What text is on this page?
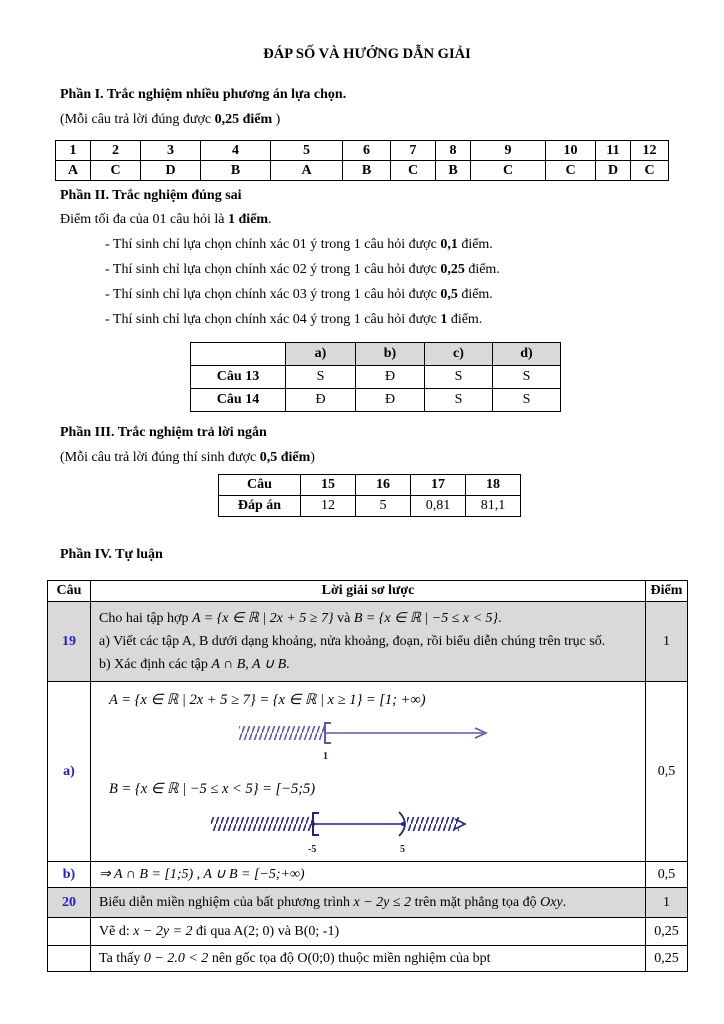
ĐÁP SỐ VÀ HƯỚNG DẪN GIẢI
Phần I. Trắc nghiệm nhiều phương án lựa chọn.
(Mỗi câu trả lời đúng được 0,25 điểm )
1	2	3	4	5	6	7	8	9	10	11	12
A	C	D	B	A	B	C	B	C	C	D	C
Phần II. Trắc nghiệm đúng sai
Điểm tối đa của 01 câu hỏi là 1 điểm.
- Thí sinh chỉ lựa chọn chính xác 01 ý trong 1 câu hỏi được 0,1 điểm.
- Thí sinh chỉ lựa chọn chính xác 02 ý trong 1 câu hỏi được 0,25 điểm.
- Thí sinh chỉ lựa chọn chính xác 03 ý trong 1 câu hỏi được 0,5 điểm.
- Thí sinh chỉ lựa chọn chính xác 04 ý trong 1 câu hỏi được 1 điểm.
	a)	b)	c)	d)
Câu 13	S	Đ	S	S
Câu 14	Đ	Đ	S	S
Phần III. Trắc nghiệm trả lời ngắn
(Mỗi câu trả lời đúng thí sinh được 0,5 điểm)
Câu	15	16	17	18
Đáp án	12	5	0,81	81,1
Phần IV. Tự luận
Câu	Lời giải sơ lược	Điểm
19	Cho hai tập hợp A = {x ∈ ℝ | 2x + 5 ≥ 7} và B = {x ∈ ℝ | −5 ≤ x < 5}.
a) Viết các tập A, B dưới dạng khoảng, nửa khoảng, đoạn, rồi biểu diễn chúng trên trục số.
b) Xác định các tập A ∩ B, A ∪ B.	1
a)	A = {x ∈ ℝ | 2x + 5 ≥ 7} = {x ∈ ℝ | x ≥ 1} = [1; +∞)
1
B = {x ∈ ℝ | −5 ≤ x < 5} = [−5;5)
-5 5	0,5
b)	⇒ A ∩ B = [1;5) , A ∪ B = [−5;+∞)	0,5
20	Biểu diễn miền nghiệm của bất phương trình x − 2y ≤ 2 trên mặt phẳng tọa độ Oxy.	1
	Vẽ d: x − 2y = 2 đi qua A(2; 0) và B(0; -1)	0,25
	Ta thấy 0 − 2.0 < 2 nên gốc tọa độ O(0;0) thuộc miền nghiệm của bpt	0,25
